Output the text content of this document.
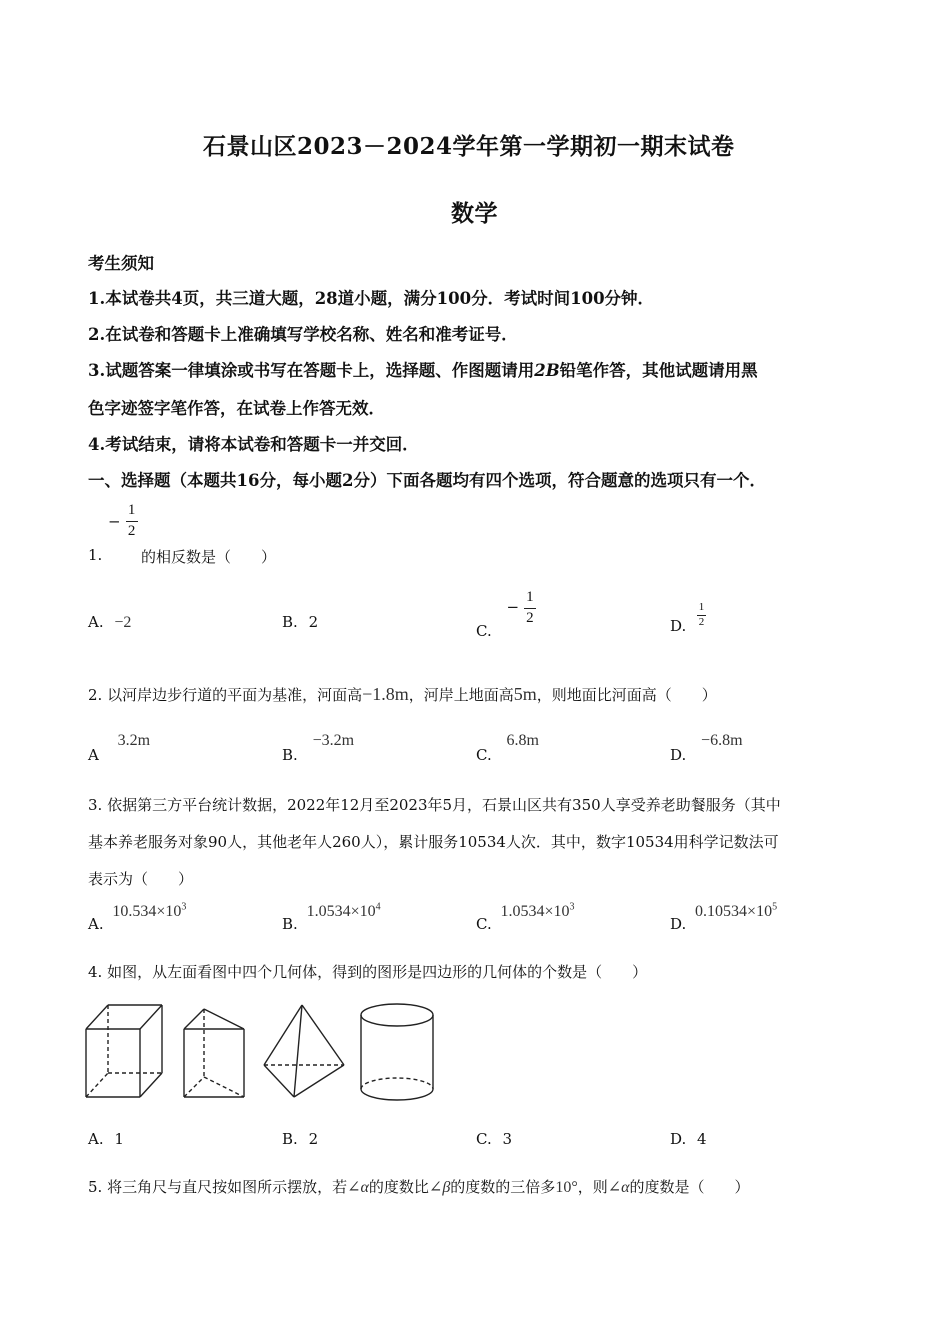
石景山区2023－2024学年第一学期初一期末试卷
数学
考生须知
1.本试卷共4页，共三道大题，28道小题，满分100分．考试时间100分钟．
2.在试卷和答题卡上准确填写学校名称、姓名和准考证号．
3.试题答案一律填涂或书写在答题卡上，选择题、作图题请用2B铅笔作答，其他试题请用黑
色字迹签字笔作答，在试卷上作答无效．
4.考试结束，请将本试卷和答题卡一并交回．
一、选择题（本题共16分，每小题2分）下面各题均有四个选项，符合题意的选项只有一个．
− $\frac{1}{2}$
1.	的相反数是（　　）
A. −2	B. 2
C. − $\frac{1}{2}$	D. $\frac{1}{2}$
2. 以河岸边步行道的平面为基准，河面高−1.8m，河岸上地面高5m，则地面比河面高（　　）
A 3.2m
B. −3.2m
C. 6.8m
D. −6.8m
3. 依据第三方平台统计数据，2022年12月至2023年5月，石景山区共有350人享受养老助餐服务（其中
基本养老服务对象90人，其他老年人260人），累计服务10534人次．其中，数字10534用科学记数法可
表示为（　　）
A. $10.534\times 10^3$
B. $1.0534\times 10^4$
C. $1.0534\times 10^3$
D. $0.10534\times 10^5$
4. 如图，从左面看图中四个几何体，得到的图形是四边形的几何体的个数是（　　）
A. 1	B. 2	C. 3	D. 4
5. 将三角尺与直尺按如图所示摆放，若∠α的度数比∠β的度数的三倍多10°，则∠α的度数是（　　）
